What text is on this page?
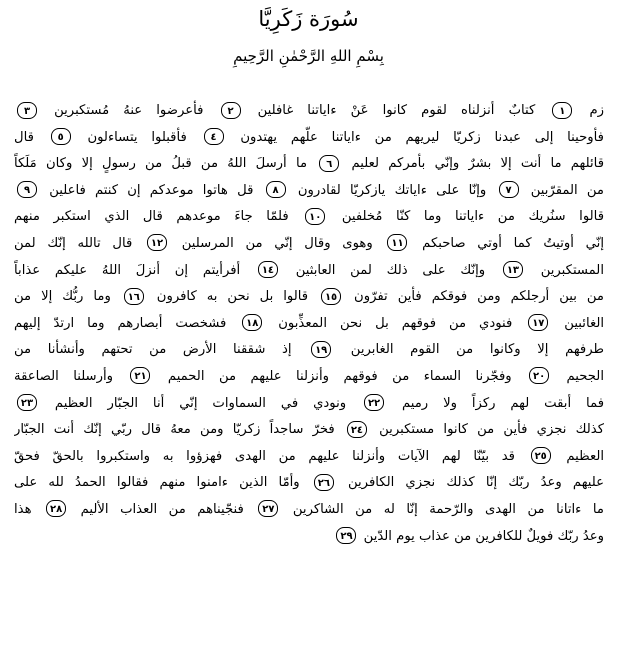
سُورَة زَكَرِيَّا
بِسْمِ اللهِ الرَّحْمٰنِ الرَّحِيمِ
زم ١ كتابٌ أنزلناه لقوم كانوا عَنْ ءاياتنا غافلين ٢ فأعرضوا عنهُ مُستكبرين ٣
فأوحينا إلى عبدنا زكريّا ليريهم من ءاياتنا علّهم يهتدون ٤ فأقبلوا يتساءلون ٥ قال
قائلهم ما أنت إلا بشرٌ وإنّي بأمركم لعليم ٦ ما أرسلَ اللهُ من قبلُ من رسولٍ إلا وكان مَلَكاً
من المقرّبين ٧ وإنّا على ءاياتك يازكريّا لقادرون ٨ قل هاتوا موعدكم إن كنتم فاعلين ٩
قالوا سنُريك من ءاياتنا وما كنّا مُخلفين ١٠ فلمّا جاءَ موعدهم قال الذي استكبر منهم
إنّي أوتيتُ كما أوتي صاحبكم ١١ وهوى وقال إنّي من المرسلين ١٢ قال تالله إنّك لمن
المستكبرين ١٣ وإنّك على ذلك لمن العابثين ١٤ أفرأيتم إن أنزلَ اللهُ عليكم عذاباً
من بين أرجلكم ومن فوقكم فأين تفرّون ١٥ قالوا بل نحن به كافرون ١٦ وما ربُّك إلا من
الغائبين ١٧ فنودي من فوقهم بل نحن المعذِّبون ١٨ فشخصت أبصارهم وما ارتدّ إليهم
طرفهم إلا وكانوا من القوم الغابرين ١٩ إذ شققنا الأرض من تحتهم وأنشأنا من
الجحيم ٢٠ وفجّرنا السماء من فوقهم وأنزلنا عليهم من الحميم ٢١ وأرسلنا الصاعقة
فما أبقت لهم ركزاً ولا رميم ٢٢ ونودي في السماوات إنّي أنا الجبّار العظيم ٢٣
كذلك نجزي فأين من كانوا مستكبرين ٢٤ فخرّ ساجداً زكريّا ومن معهُ قال ربّي إنّك أنت الجبّار
العظيم ٢٥ قد بيّنّا لهم الآيات وأنزلنا عليهم من الهدى فهزؤوا به واستكبروا بالحقّ فحقّ
عليهم وعدُ ربّك إنّا كذلك نجزي الكافرين ٢٦ وأمّا الذين ءامنوا منهم فقالوا الحمدُ لله على
ما ءاتانا من الهدى والرّحمة إنّا له من الشاكرين ٢٧ فنجّيناهم من العذاب الأليم ٢٨ هذا
وعدُ ربّك فويلٌ للكافرين من عذاب يوم الدّين ٢٩
